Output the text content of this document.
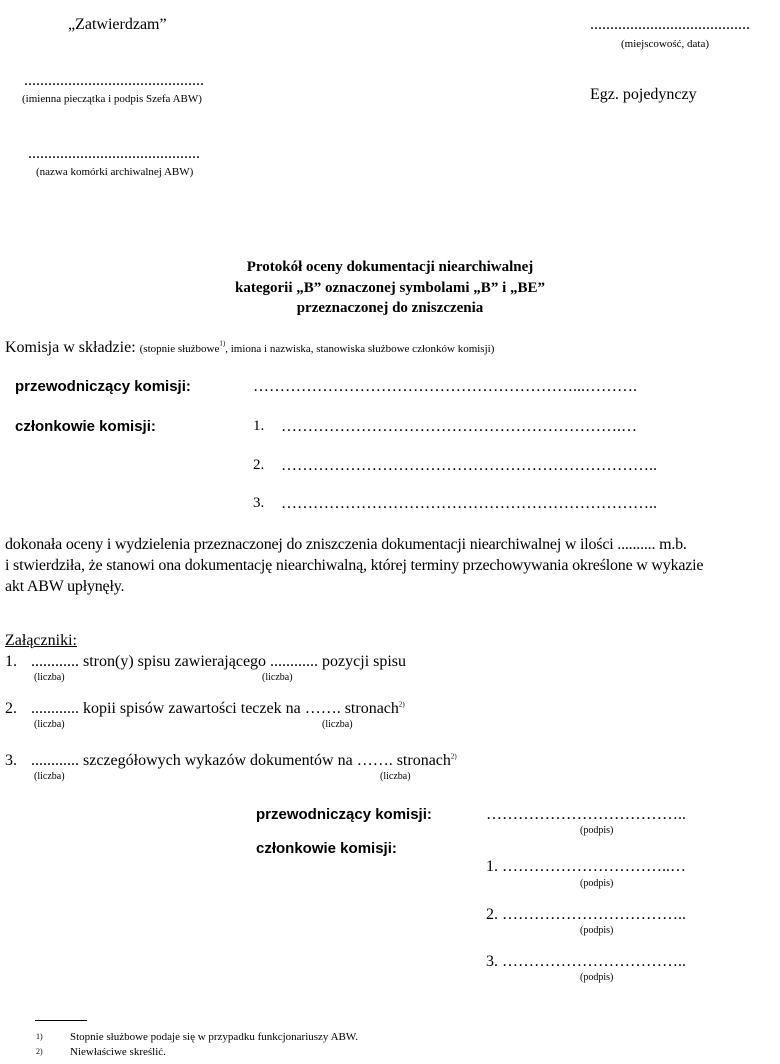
„Zatwierdzam”	........................................
(miejscowość, data)
.............................................
(imienna pieczątka i podpis Szefa ABW)	Egz. pojedynczy
...........................................
(nazwa komórki archiwalnej ABW)
Protokół oceny dokumentacji niearchiwalnej
kategorii „B” oznaczonej symbolami „B” i „BE”
przeznaczonej do zniszczenia
Komisja w składzie: (stopnie służbowe$^{1)}$, imiona i nazwiska, stanowiska służbowe członków komisji)
przewodniczący komisji:	……………………………………………………...……….
członkowie komisji:	1. ……………………………………………………….…
2. ……………………………………………………………..
3. ……………………………………………………………..
dokonała oceny i wydzielenia przeznaczonej do zniszczenia dokumentacji niearchiwalnej w ilości .......... m.b.
i stwierdziła, że stanowi ona dokumentację niearchiwalną, której terminy przechowywania określone w wykazie
akt ABW upłynęły.
Załączniki:
1. ............ stron(y) spisu zawierającego ............ pozycji spisu
(liczba)	(liczba)
2. ............ kopii spisów zawartości teczek na ……. stronach$^{2)}$
(liczba)	(liczba)
3. ............ szczegółowych wykazów dokumentów na ……. stronach$^{2)}$
(liczba)	(liczba)
przewodniczący komisji:	………………………………..
(podpis)
członkowie komisji:
1. …………………………..…
(podpis)
2. ……………………………..
(podpis)
3. ……………………………..
(podpis)
1) Stopnie służbowe podaje się w przypadku funkcjonariuszy ABW.
2) Niewłaściwe skreślić.
